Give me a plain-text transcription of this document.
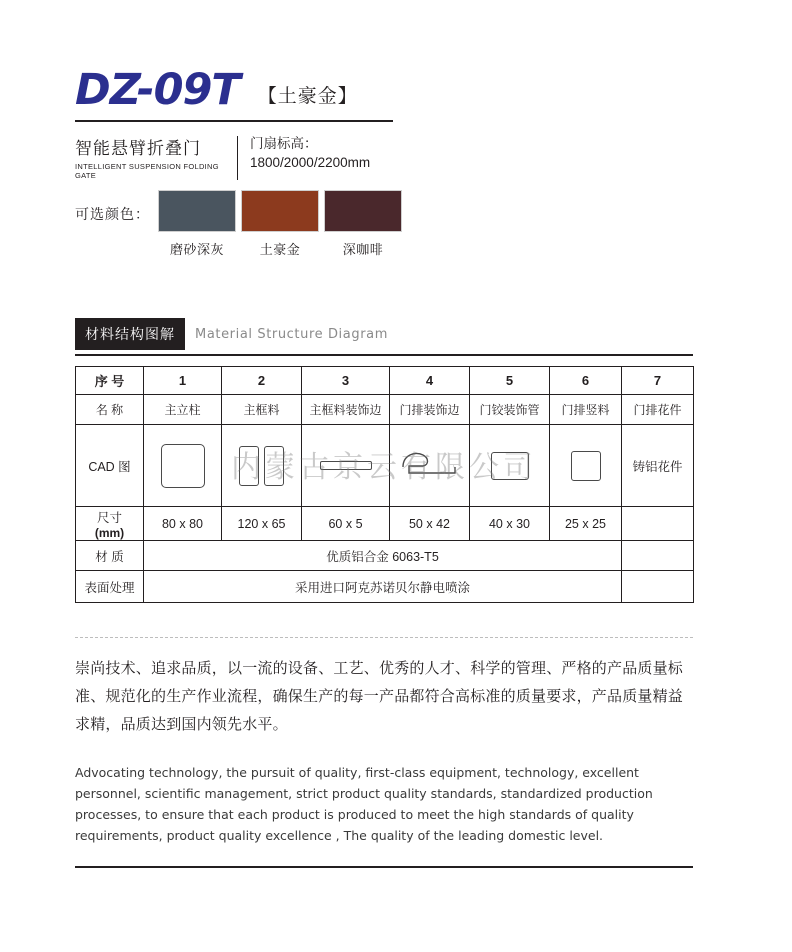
DZ-09T 【土豪金】
智能悬臂折叠门
INTELLIGENT SUSPENSION FOLDING GATE
门扇标高：
1800/2000/2200mm
可选颜色：
磨砂深灰	土豪金	深咖啡
材料结构图解	Material Structure Diagram
序 号	1	2	3	4	5	6	7
名 称	主立柱	主框料	主框料装饰边	门排装饰边	门铰装饰管	门排竖料	门排花件
CAD 图							铸铝花件
尺寸
(mm)	80 x 80	120 x 65	60 x 5	50 x 42	40 x 30	25 x 25	
材 质	优质铝合金 6063-T5						
表面处理	采用进口阿克苏诺贝尔静电喷涂						
内蒙古京云有限公司
崇尚技术、追求品质，以一流的设备、工艺、优秀的人才、科学的管理、严格的产品质量标准、规范化的生产作业流程，确保生产的每一产品都符合高标准的质量要求，产品质量精益求精，品质达到国内领先水平。
Advocating technology, the pursuit of quality, first-class equipment, technology, excellent personnel, scientific management, strict product quality standards, standardized production processes, to ensure that each product is produced to meet the high standards of quality requirements, product quality excellence , The quality of the leading domestic level.
